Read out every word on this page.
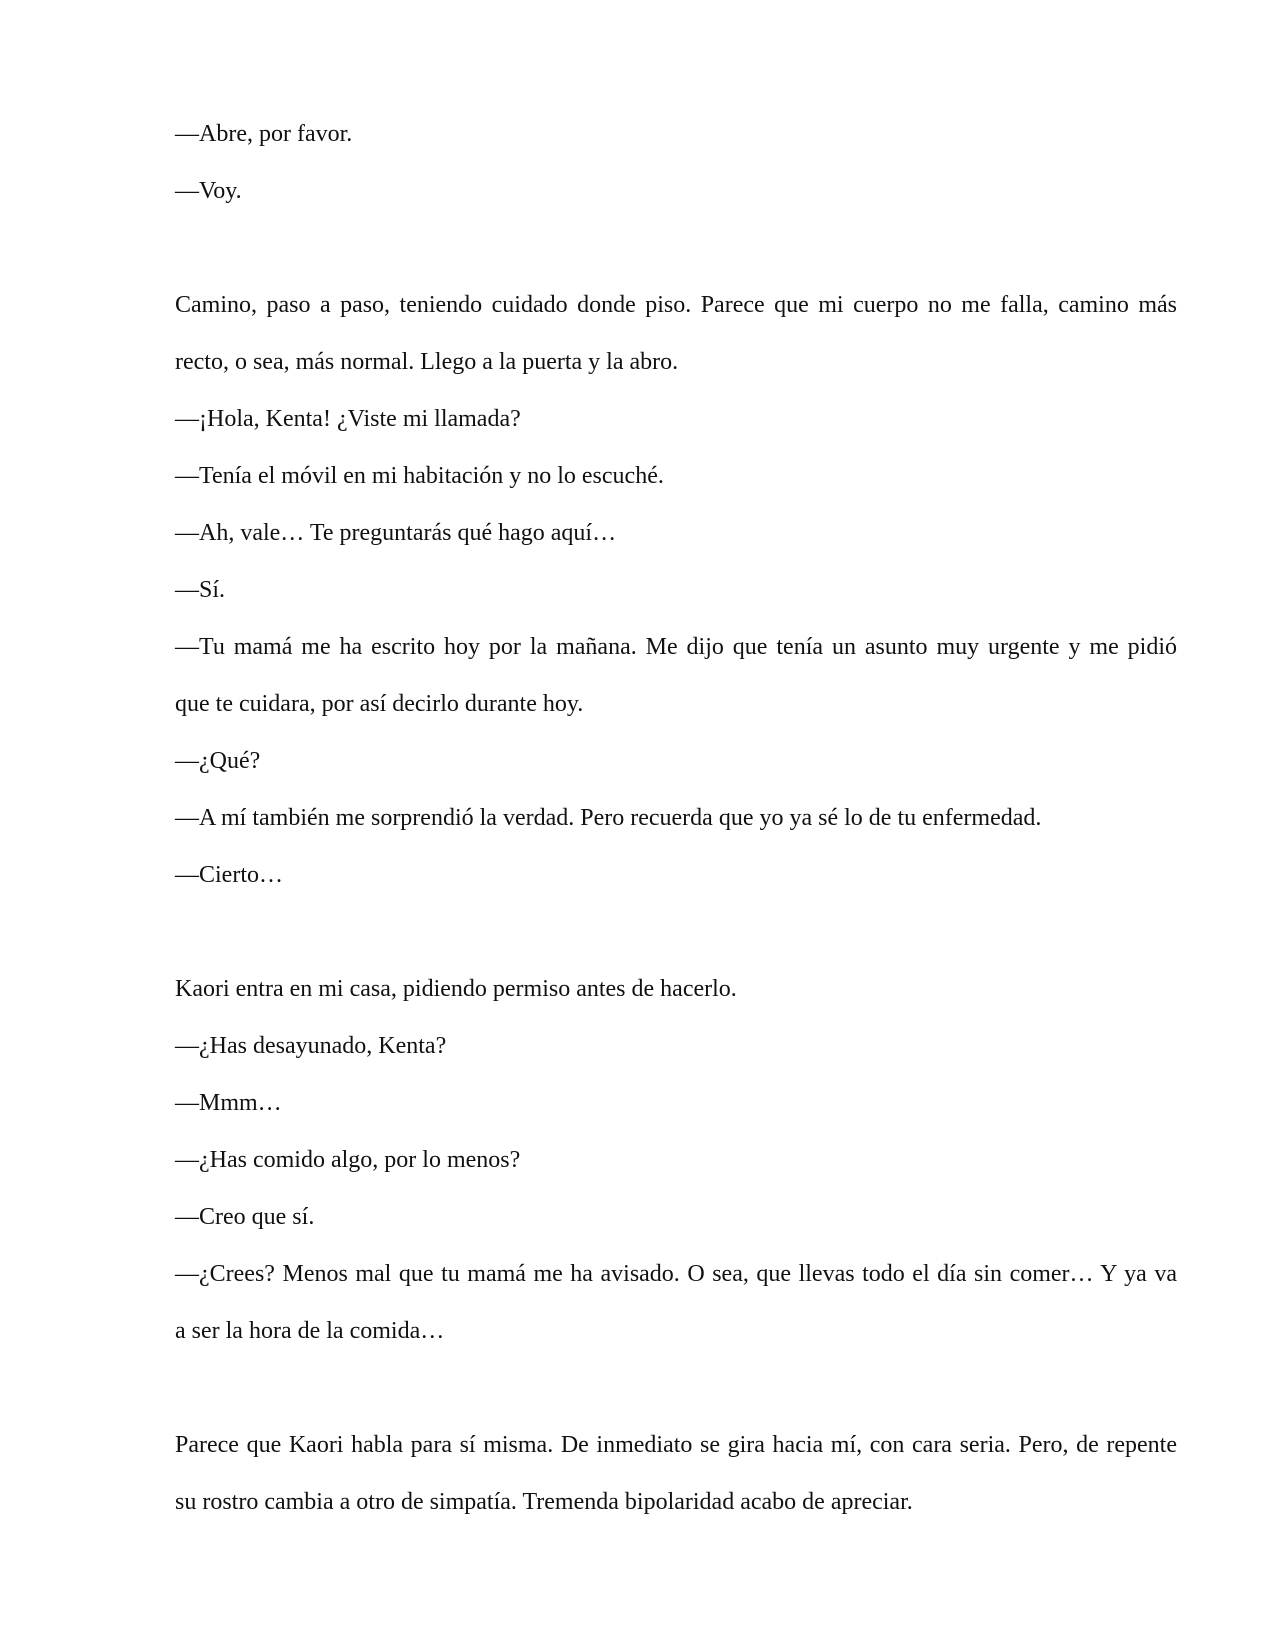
—Abre, por favor.
—Voy.
Camino, paso a paso, teniendo cuidado donde piso. Parece que mi cuerpo no me falla, camino más
recto, o sea, más normal. Llego a la puerta y la abro.
—¡Hola, Kenta! ¿Viste mi llamada?
—Tenía el móvil en mi habitación y no lo escuché.
—Ah, vale… Te preguntarás qué hago aquí…
—Sí.
—Tu mamá me ha escrito hoy por la mañana. Me dijo que tenía un asunto muy urgente y me pidió
que te cuidara, por así decirlo durante hoy.
—¿Qué?
—A mí también me sorprendió la verdad. Pero recuerda que yo ya sé lo de tu enfermedad.
—Cierto…
Kaori entra en mi casa, pidiendo permiso antes de hacerlo.
—¿Has desayunado, Kenta?
—Mmm…
—¿Has comido algo, por lo menos?
—Creo que sí.
—¿Crees? Menos mal que tu mamá me ha avisado. O sea, que llevas todo el día sin comer… Y ya va
a ser la hora de la comida…
Parece que Kaori habla para sí misma. De inmediato se gira hacia mí, con cara seria. Pero, de repente
su rostro cambia a otro de simpatía. Tremenda bipolaridad acabo de apreciar.
